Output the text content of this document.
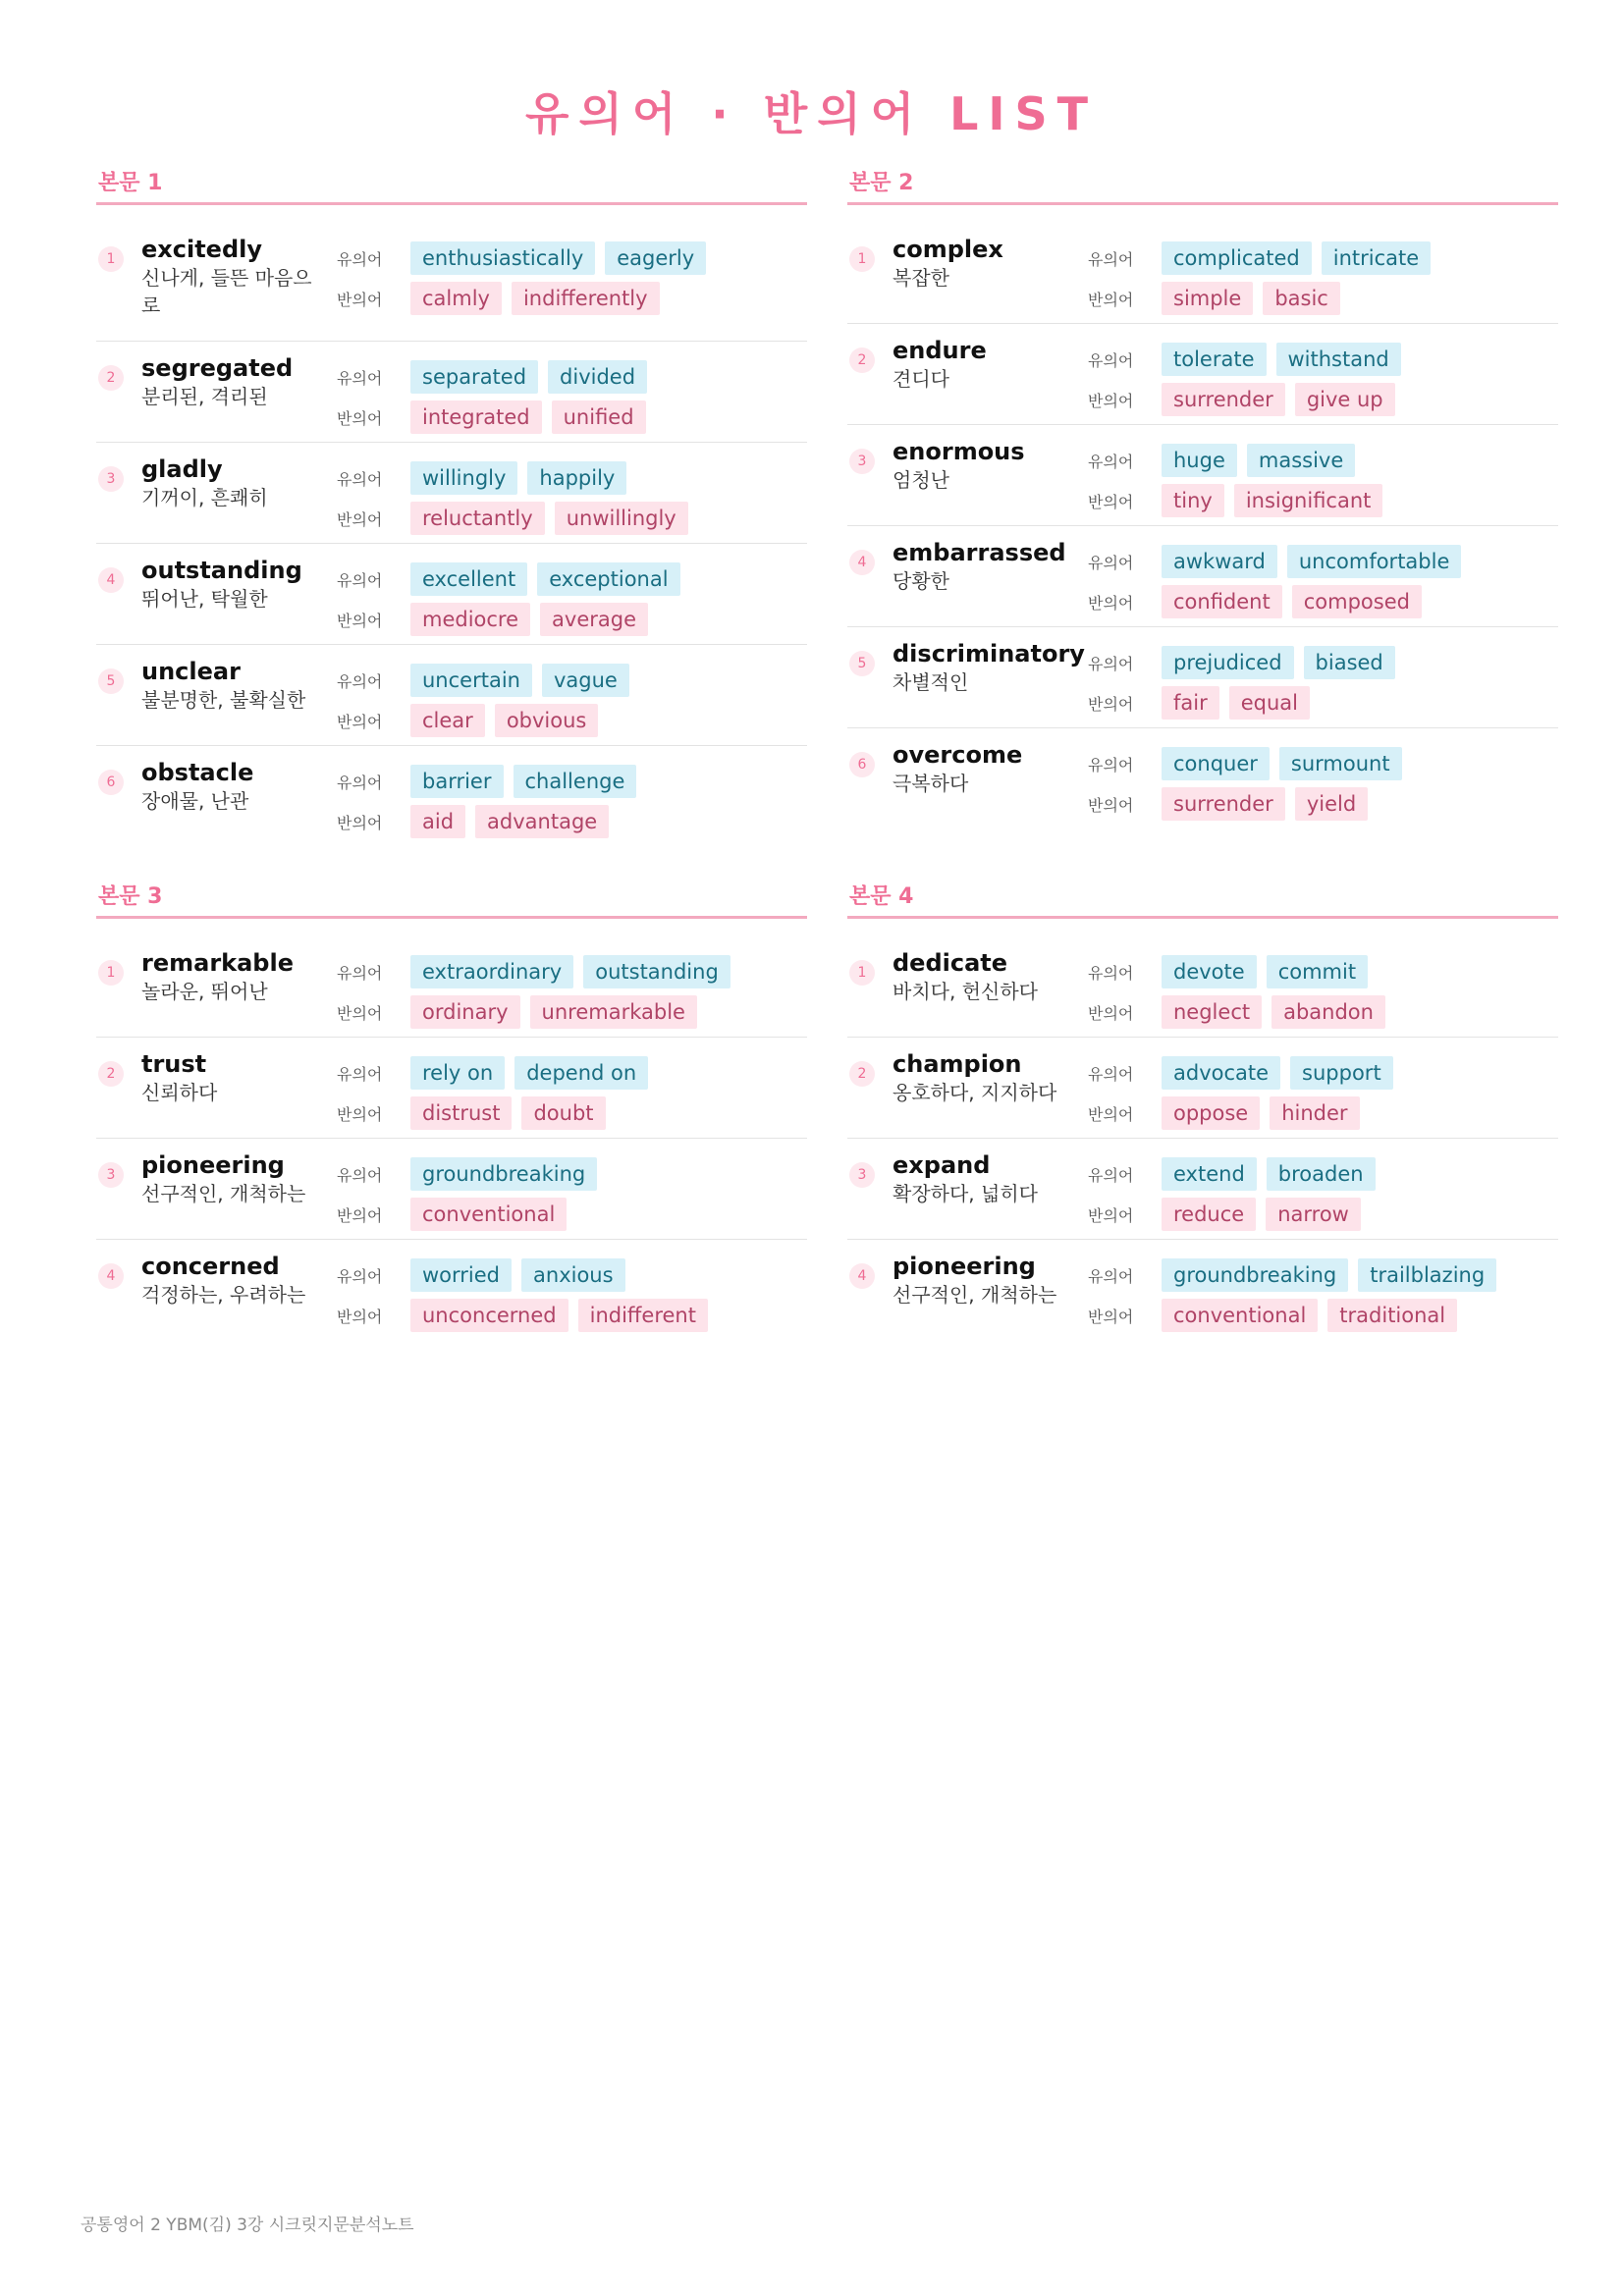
유의어 · 반의어 LIST
본문 1
1	excitedly
신나게, 들뜬 마음으로
유의어	enthusiastically	eagerly
반의어	calmly	indifferently
2	segregated
분리된, 격리된
유의어	separated	divided
반의어	integrated	unified
3	gladly
기꺼이, 흔쾌히
유의어	willingly	happily
반의어	reluctantly	unwillingly
4	outstanding
뛰어난, 탁월한
유의어	excellent	exceptional
반의어	mediocre	average
5	unclear
불분명한, 불확실한
유의어	uncertain	vague
반의어	clear	obvious
6	obstacle
장애물, 난관
유의어	barrier	challenge
반의어	aid	advantage
본문 2
1	complex
복잡한
유의어	complicated	intricate
반의어	simple	basic
2	endure
견디다
유의어	tolerate	withstand
반의어	surrender	give up
3	enormous
엄청난
유의어	huge	massive
반의어	tiny	insignificant
4	embarrassed
당황한
유의어	awkward	uncomfortable
반의어	confident	composed
5	discriminatory
차별적인
유의어	prejudiced	biased
반의어	fair	equal
6	overcome
극복하다
유의어	conquer	surmount
반의어	surrender	yield
본문 3
1	remarkable
놀라운, 뛰어난
유의어	extraordinary	outstanding
반의어	ordinary	unremarkable
2	trust
신뢰하다
유의어	rely on	depend on
반의어	distrust	doubt
3	pioneering
선구적인, 개척하는
유의어	groundbreaking
반의어	conventional
4	concerned
걱정하는, 우려하는
유의어	worried	anxious
반의어	unconcerned	indifferent
본문 4
1	dedicate
바치다, 헌신하다
유의어	devote	commit
반의어	neglect	abandon
2	champion
옹호하다, 지지하다
유의어	advocate	support
반의어	oppose	hinder
3	expand
확장하다, 넓히다
유의어	extend	broaden
반의어	reduce	narrow
4	pioneering
선구적인, 개척하는
유의어	groundbreaking	trailblazing
반의어	conventional	traditional
공통영어 2 YBM(김) 3강 시크릿지문분석노트
